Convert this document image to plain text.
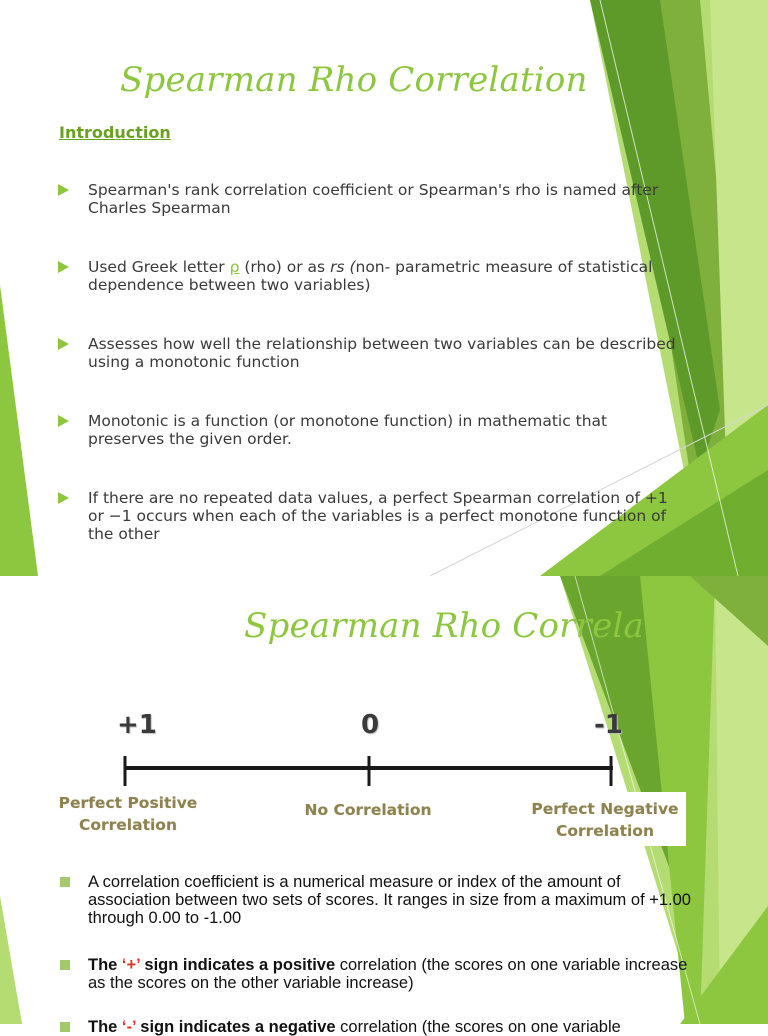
Spearman Rho Correlation

Introduction

Spearman's rank correlation coefficient or Spearman's rho is named after Charles Spearman
Used Greek letter ρ (rho) or as rs (non- parametric measure of statistical dependence between two variables)
Assesses how well the relationship between two variables can be described using a monotonic function
Monotonic is a function (or monotone function) in mathematic that preserves the given order.
If there are no repeated data values, a perfect Spearman correlation of +1 or −1 occurs when each of the variables is a perfect monotone function of the other
Spearman Rho Correlation

+1	0	-1

Perfect Positive
Correlation
No Correlation	Perfect Negative
Correlation
A correlation coefficient is a numerical measure or index of the amount of association between two sets of scores. It ranges in size from a maximum of +1.00 through 0.00 to -1.00
The ‘+’ sign indicates a positive correlation (the scores on one variable increase as the scores on the other variable increase)
The ‘-’ sign indicates a negative correlation (the scores on one variable
